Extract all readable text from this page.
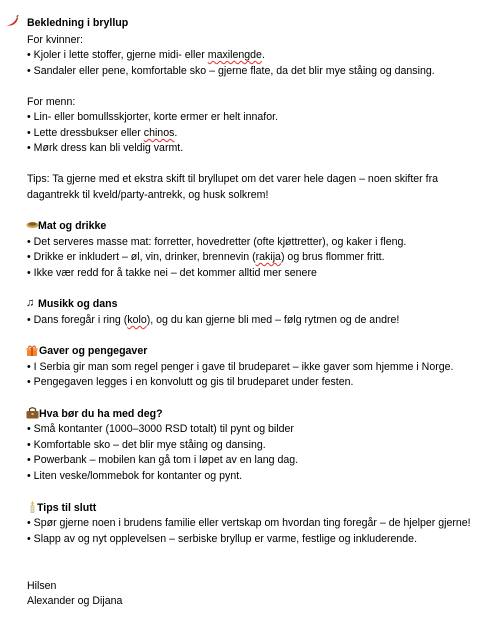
Bekledning i bryllup
For kvinner:
• Kjoler i lette stoffer, gjerne midi- eller maxilengde.
• Sandaler eller pene, komfortable sko – gjerne flate, da det blir mye ståing og dansing.
For menn:
• Lin- eller bomullsskjorter, korte ermer er helt innafor.
• Lette dressbukser eller chinos.
• Mørk dress kan bli veldig varmt.
Tips: Ta gjerne med et ekstra skift til bryllupet om det varer hele dagen – noen skifter fra
dagantrekk til kveld/party-antrekk, og husk solkrem!
Mat og drikke
• Det serveres masse mat: forretter, hovedretter (ofte kjøttretter), og kaker i fleng.
• Drikke er inkludert – øl, vin, drinker, brennevin (rakija) og brus flommer fritt.
• Ikke vær redd for å takke nei – det kommer alltid mer senere
♫ Musikk og dans
• Dans foregår i ring (kolo), og du kan gjerne bli med – følg rytmen og de andre!
Gaver og pengegaver
• I Serbia gir man som regel penger i gave til brudeparet – ikke gaver som hjemme i Norge.
• Pengegaven legges i en konvolutt og gis til brudeparet under festen.
Hva bør du ha med deg?
• Små kontanter (1000–3000 RSD totalt) til pynt og bilder
• Komfortable sko – det blir mye ståing og dansing.
• Powerbank – mobilen kan gå tom i løpet av en lang dag.
• Liten veske/lommebok for kontanter og pynt.
Tips til slutt
• Spør gjerne noen i brudens familie eller vertskap om hvordan ting foregår – de hjelper gjerne!
• Slapp av og nyt opplevelsen – serbiske bryllup er varme, festlige og inkluderende.
Hilsen
Alexander og Dijana
